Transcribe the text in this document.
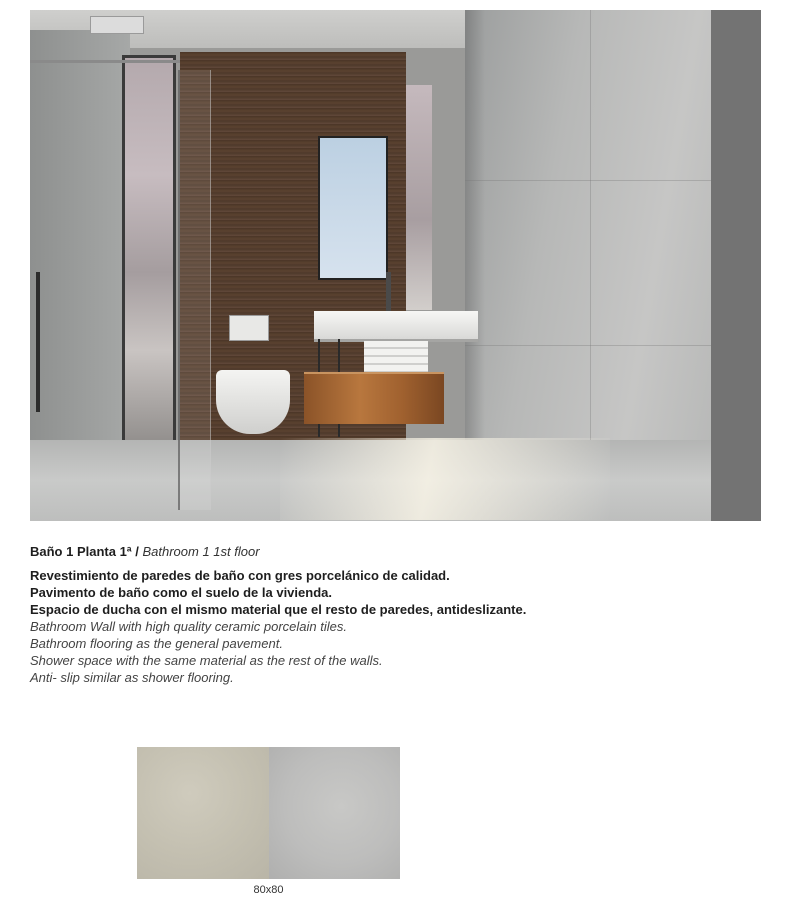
Baño 1 Planta 1ª / Bathroom 1 1st floor
Revestimiento de paredes de baño con gres porcelánico de calidad.
Pavimento de baño como el suelo de la vivienda.
Espacio de ducha con el mismo material que el resto de paredes, antideslizante.
Bathroom Wall with high quality ceramic porcelain tiles.
Bathroom flooring as the general pavement.
Shower space with the same material as the rest of the walls.
Anti- slip similar as shower flooring.
80x80
